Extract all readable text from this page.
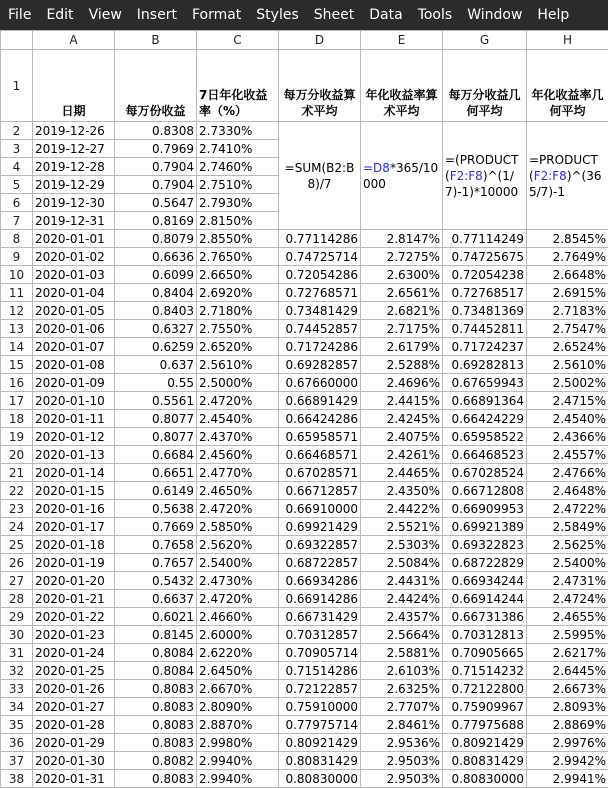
File	Edit	View	Insert	Format	Styles	Sheet	Data	Tools	Window	Help
	A	B	C	D	E	G	H
1	日期	每万份收益	7日年化收益率（%）	每万分收益算术平均	年化收益率算术平均	每万分收益几何平均	年化收益率几何平均
2	2019-12-26	0.8308	2.7330%	=SUM(B2:B8)/7	=D8*365/10000	=(PRODUCT(F2:F8)^(1/7)-1)*10000	=PRODUCT(F2:F8)^(365/7)-1
3	2019-12-27	0.7969	2.7410%				
4	2019-12-28	0.7904	2.7460%				
5	2019-12-29	0.7904	2.7510%				
6	2019-12-30	0.5647	2.7930%				
7	2019-12-31	0.8169	2.8150%				
8	2020-01-01	0.8079	2.8550%	0.77114286	2.8147%	0.77114249	2.8545%
9	2020-01-02	0.6636	2.7650%	0.74725714	2.7275%	0.74725675	2.7649%
10	2020-01-03	0.6099	2.6650%	0.72054286	2.6300%	0.72054238	2.6648%
11	2020-01-04	0.8404	2.6920%	0.72768571	2.6561%	0.72768517	2.6915%
12	2020-01-05	0.8403	2.7180%	0.73481429	2.6821%	0.73481369	2.7183%
13	2020-01-06	0.6327	2.7550%	0.74452857	2.7175%	0.74452811	2.7547%
14	2020-01-07	0.6259	2.6520%	0.71724286	2.6179%	0.71724237	2.6524%
15	2020-01-08	0.637	2.5610%	0.69282857	2.5288%	0.69282813	2.5610%
16	2020-01-09	0.55	2.5000%	0.67660000	2.4696%	0.67659943	2.5002%
17	2020-01-10	0.5561	2.4720%	0.66891429	2.4415%	0.66891364	2.4715%
18	2020-01-11	0.8077	2.4540%	0.66424286	2.4245%	0.66424229	2.4540%
19	2020-01-12	0.8077	2.4370%	0.65958571	2.4075%	0.65958522	2.4366%
20	2020-01-13	0.6684	2.4560%	0.66468571	2.4261%	0.66468523	2.4557%
21	2020-01-14	0.6651	2.4770%	0.67028571	2.4465%	0.67028524	2.4766%
22	2020-01-15	0.6149	2.4650%	0.66712857	2.4350%	0.66712808	2.4648%
23	2020-01-16	0.5638	2.4720%	0.66910000	2.4422%	0.66909953	2.4722%
24	2020-01-17	0.7669	2.5850%	0.69921429	2.5521%	0.69921389	2.5849%
25	2020-01-18	0.7658	2.5620%	0.69322857	2.5303%	0.69322823	2.5625%
26	2020-01-19	0.7657	2.5400%	0.68722857	2.5084%	0.68722829	2.5400%
27	2020-01-20	0.5432	2.4730%	0.66934286	2.4431%	0.66934244	2.4731%
28	2020-01-21	0.6637	2.4720%	0.66914286	2.4424%	0.66914244	2.4724%
29	2020-01-22	0.6021	2.4660%	0.66731429	2.4357%	0.66731386	2.4655%
30	2020-01-23	0.8145	2.6000%	0.70312857	2.5664%	0.70312813	2.5995%
31	2020-01-24	0.8084	2.6220%	0.70905714	2.5881%	0.70905665	2.6217%
32	2020-01-25	0.8084	2.6450%	0.71514286	2.6103%	0.71514232	2.6445%
33	2020-01-26	0.8083	2.6670%	0.72122857	2.6325%	0.72122800	2.6673%
34	2020-01-27	0.8083	2.8090%	0.75910000	2.7707%	0.75909967	2.8093%
35	2020-01-28	0.8083	2.8870%	0.77975714	2.8461%	0.77975688	2.8869%
36	2020-01-29	0.8083	2.9980%	0.80921429	2.9536%	0.80921429	2.9976%
37	2020-01-30	0.8082	2.9940%	0.80831429	2.9503%	0.80831429	2.9942%
38	2020-01-31	0.8083	2.9940%	0.80830000	2.9503%	0.80830000	2.9941%
